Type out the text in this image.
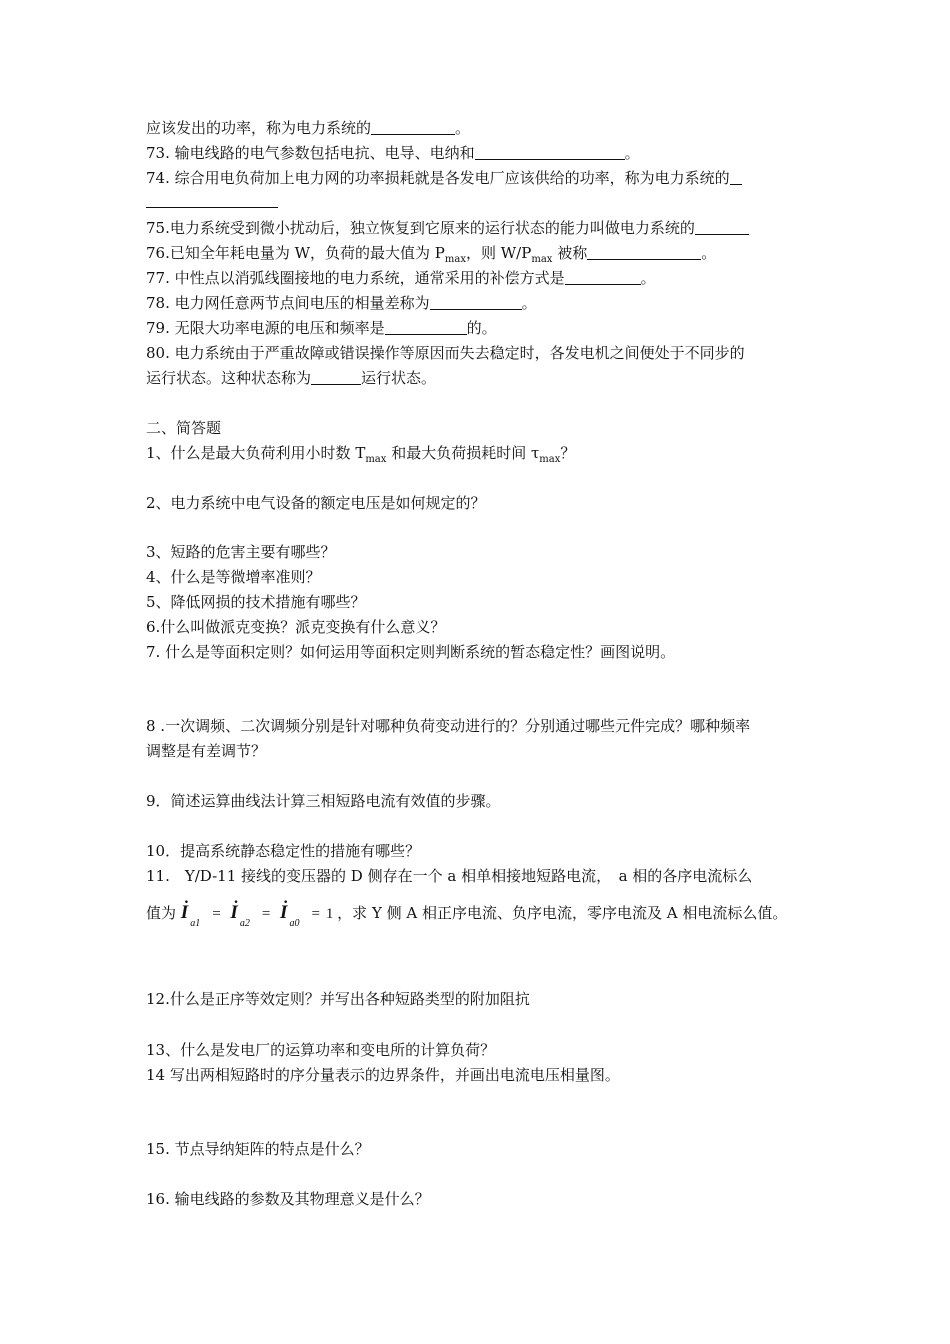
应该发出的功率，称为电力系统的	。
73. 输电线路的电气参数包括电抗、电导、电纳和	。
74. 综合用电负荷加上电力网的功率损耗就是各发电厂应该供给的功率，称为电力系统的
75.电力系统受到微小扰动后，独立恢复到它原来的运行状态的能力叫做电力系统的
76.已知全年耗电量为 W，负荷的最大值为 $P_{max}$，则 $W/P_{max}$ 被称	。
77. 中性点以消弧线圈接地的电力系统，通常采用的补偿方式是	。
78. 电力网任意两节点间电压的相量差称为	。
79. 无限大功率电源的电压和频率是	的。
80. 电力系统由于严重故障或错误操作等原因而失去稳定时，各发电机之间便处于不同步的
运行状态。这种状态称为	运行状态。
二、简答题
1、什么是最大负荷利用小时数 $T_{max}$ 和最大负荷损耗时间 $\tau_{max}$？
2、电力系统中电气设备的额定电压是如何规定的？
3、短路的危害主要有哪些？
4、什么是等微增率准则？
5、降低网损的技术措施有哪些？
6.什么叫做派克变换？派克变换有什么意义？
7. 什么是等面积定则？如何运用等面积定则判断系统的暂态稳定性？画图说明。
8 .一次调频、二次调频分别是针对哪种负荷变动进行的？分别通过哪些元件完成？哪种频率
调整是有差调节？
9．简述运算曲线法计算三相短路电流有效值的步骤。
10．提高系统静态稳定性的措施有哪些？
11.　Y/D-11 接线的变压器的 D 侧存在一个 a 相单相接地短路电流，　a 相的各序电流标么
值为 · $I_{a1}= \cdot I_{a2}= \cdot I_{a0}= 1$ ，求 Y 侧 A 相正序电流、负序电流，零序电流及 A 相电流标么值。
12.什么是正序等效定则？并写出各种短路类型的附加阻抗
13、什么是发电厂的运算功率和变电所的计算负荷？
14 写出两相短路时的序分量表示的边界条件，并画出电流电压相量图。
15. 节点导纳矩阵的特点是什么？
16. 输电线路的参数及其物理意义是什么？
